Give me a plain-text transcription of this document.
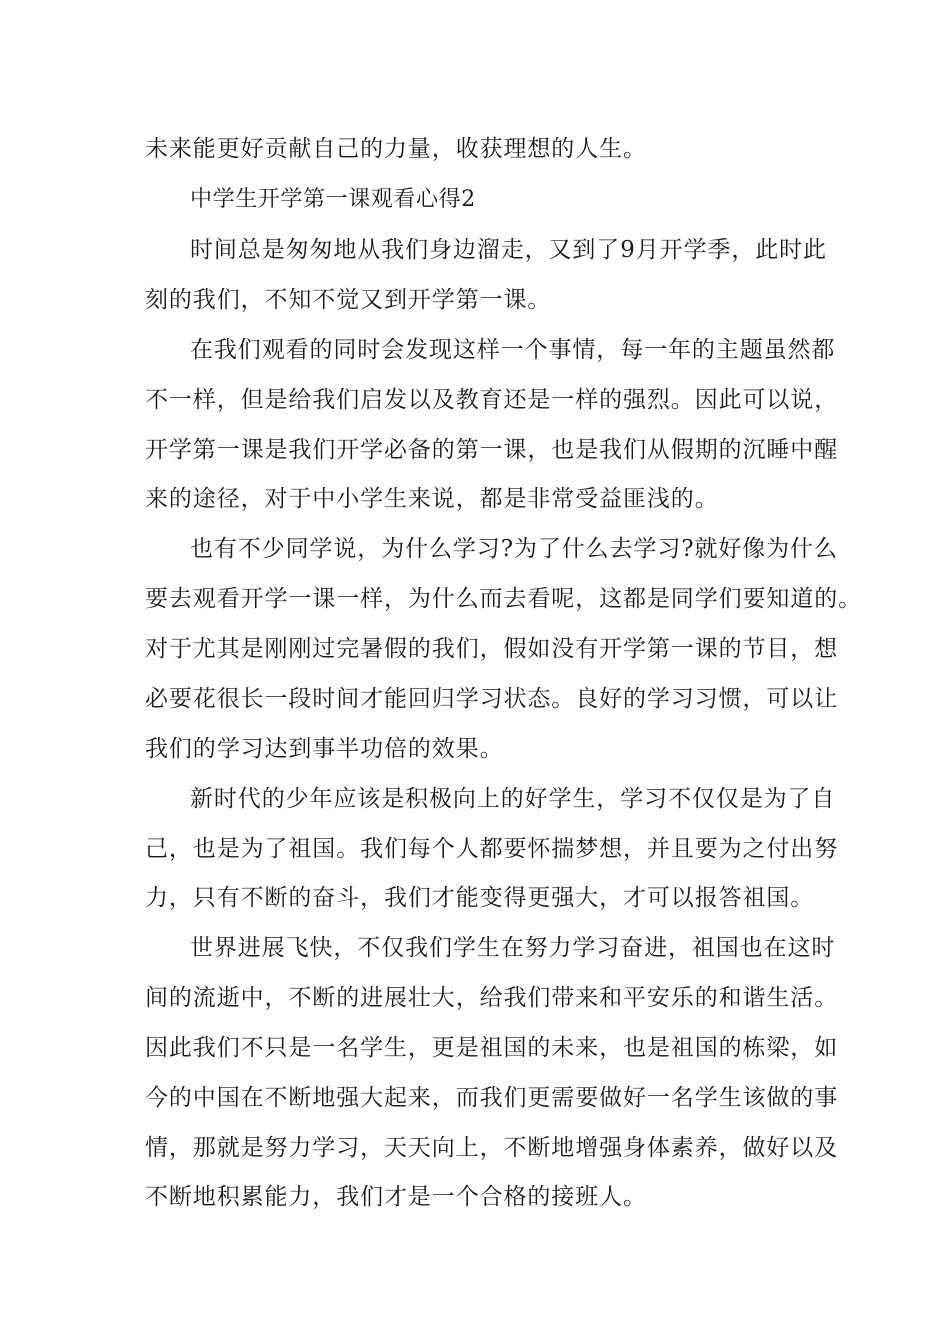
未来能更好贡献自己的力量，收获理想的人生。

中学生开学第一课观看心得2

时间总是匆匆地从我们身边溜走，又到了9月开学季，此时此

刻的我们，不知不觉又到开学第一课。

在我们观看的同时会发现这样一个事情，每一年的主题虽然都

不一样，但是给我们启发以及教育还是一样的强烈。因此可以说，

开学第一课是我们开学必备的第一课，也是我们从假期的沉睡中醒

来的途径，对于中小学生来说，都是非常受益匪浅的。

也有不少同学说，为什么学习?为了什么去学习?就好像为什么

要去观看开学一课一样，为什么而去看呢，这都是同学们要知道的。

对于尤其是刚刚过完暑假的我们，假如没有开学第一课的节目，想

必要花很长一段时间才能回归学习状态。良好的学习习惯，可以让

我们的学习达到事半功倍的效果。

新时代的少年应该是积极向上的好学生，学习不仅仅是为了自

己，也是为了祖国。我们每个人都要怀揣梦想，并且要为之付出努

力，只有不断的奋斗，我们才能变得更强大，才可以报答祖国。

世界进展飞快，不仅我们学生在努力学习奋进，祖国也在这时

间的流逝中，不断的进展壮大，给我们带来和平安乐的和谐生活。

因此我们不只是一名学生，更是祖国的未来，也是祖国的栋梁，如

今的中国在不断地强大起来，而我们更需要做好一名学生该做的事

情，那就是努力学习，天天向上，不断地增强身体素养，做好以及

不断地积累能力，我们才是一个合格的接班人。
